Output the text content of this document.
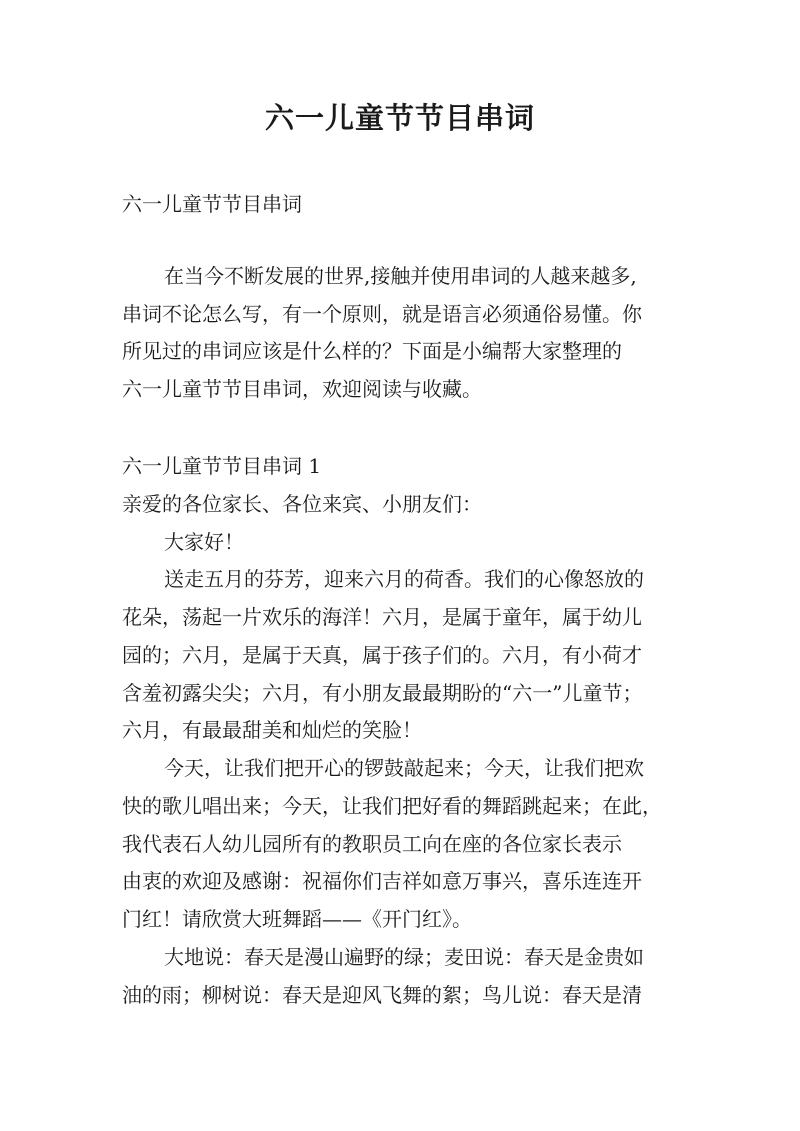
六一儿童节节目串词
六一儿童节节目串词
在当今不断发展的世界,接触并使用串词的人越来越多,
串词不论怎么写，有一个原则，就是语言必须通俗易懂。你
所见过的串词应该是什么样的？下面是小编帮大家整理的
六一儿童节节目串词，欢迎阅读与收藏。
六一儿童节节目串词 1
亲爱的各位家长、各位来宾、小朋友们：
大家好！
送走五月的芬芳，迎来六月的荷香。我们的心像怒放的
花朵，荡起一片欢乐的海洋！六月，是属于童年，属于幼儿
园的；六月，是属于天真，属于孩子们的。六月，有小荷才
含羞初露尖尖；六月，有小朋友最最期盼的“六一”儿童节；
六月，有最最甜美和灿烂的笑脸！
今天，让我们把开心的锣鼓敲起来；今天，让我们把欢
快的歌儿唱出来；今天，让我们把好看的舞蹈跳起来；在此，
我代表石人幼儿园所有的教职员工向在座的各位家长表示
由衷的欢迎及感谢：祝福你们吉祥如意万事兴，喜乐连连开
门红！请欣赏大班舞蹈——《开门红》。
大地说：春天是漫山遍野的绿；麦田说：春天是金贵如
油的雨；柳树说：春天是迎风飞舞的絮；鸟儿说：春天是清
